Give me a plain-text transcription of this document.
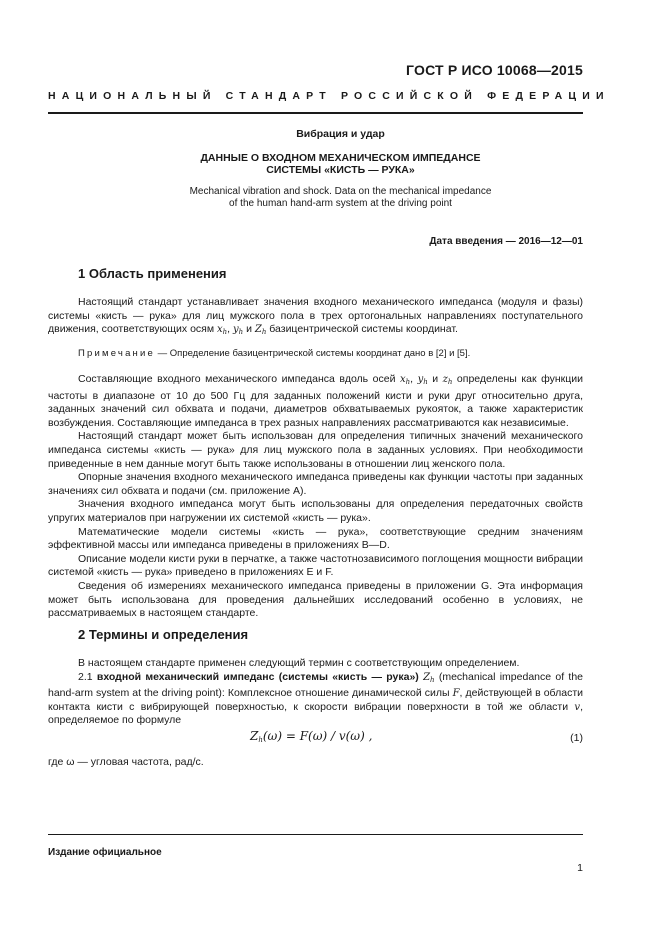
ГОСТ Р ИСО 10068—2015
НАЦИОНАЛЬНЫЙ СТАНДАРТ РОССИЙСКОЙ ФЕДЕРАЦИИ
Вибрация и удар
ДАННЫЕ О ВХОДНОМ МЕХАНИЧЕСКОМ ИМПЕДАНСЕ
СИСТЕМЫ «КИСТЬ — РУКА»
Mechanical vibration and shock. Data on the mechanical impedance
of the human hand-arm system at the driving point
Дата введения — 2016—12—01
1 Область применения

Настоящий стандарт устанавливает значения входного механического импеданса (модуля и фазы) системы «кисть — рука» для лиц мужского пола в трех ортогональных направлениях поступательного движения, соответствующих осям xh, yh и Zh базицентрической системы координат.

Примечание — Определение базицентрической системы координат дано в [2] и [5].

Составляющие входного механического импеданса вдоль осей xh, yh и zh определены как функции частоты в диапазоне от 10 до 500 Гц для заданных положений кисти и руки друг относительно друга, заданных значений сил обхвата и подачи, диаметров обхватываемых рукояток, а также характеристик возбуждения. Составляющие импеданса в трех разных направлениях рассматриваются как независимые.

Настоящий стандарт может быть использован для определения типичных значений механического импеданса системы «кисть — рука» для лиц мужского пола в заданных условиях. При необходимости приведенные в нем данные могут быть также использованы в отношении лиц женского пола.

Опорные значения входного механического импеданса приведены как функции частоты при заданных значениях сил обхвата и подачи (см. приложение А).

Значения входного импеданса могут быть использованы для определения передаточных свойств упругих материалов при нагружении их системой «кисть — рука».

Математические модели системы «кисть — рука», соответствующие средним значениям эффективной массы или импеданса приведены в приложениях В—D.

Описание модели кисти руки в перчатке, а также частотнозависимого поглощения мощности вибрации системой «кисть — рука» приведено в приложениях Е и F.

Сведения об измерениях механического импеданса приведены в приложении G. Эта информация может быть использована для проведения дальнейших исследований особенно в условиях, не рассматриваемых в настоящем стандарте.

2 Термины и определения

В настоящем стандарте применен следующий термин с соответствующим определением.

2.1 входной механический импеданс (системы «кисть — рука») Zh (mechanical impedance of the hand-arm system at the driving point): Комплексное отношение динамической силы F, действующей в области контакта кисти с вибрирующей поверхностью, к скорости вибрации поверхности в той же области v, определяемое по формуле

Zh(ω) = F(ω) / v(ω) ,	(1)
где ω — угловая частота, рад/с.
Издание официальное
1
